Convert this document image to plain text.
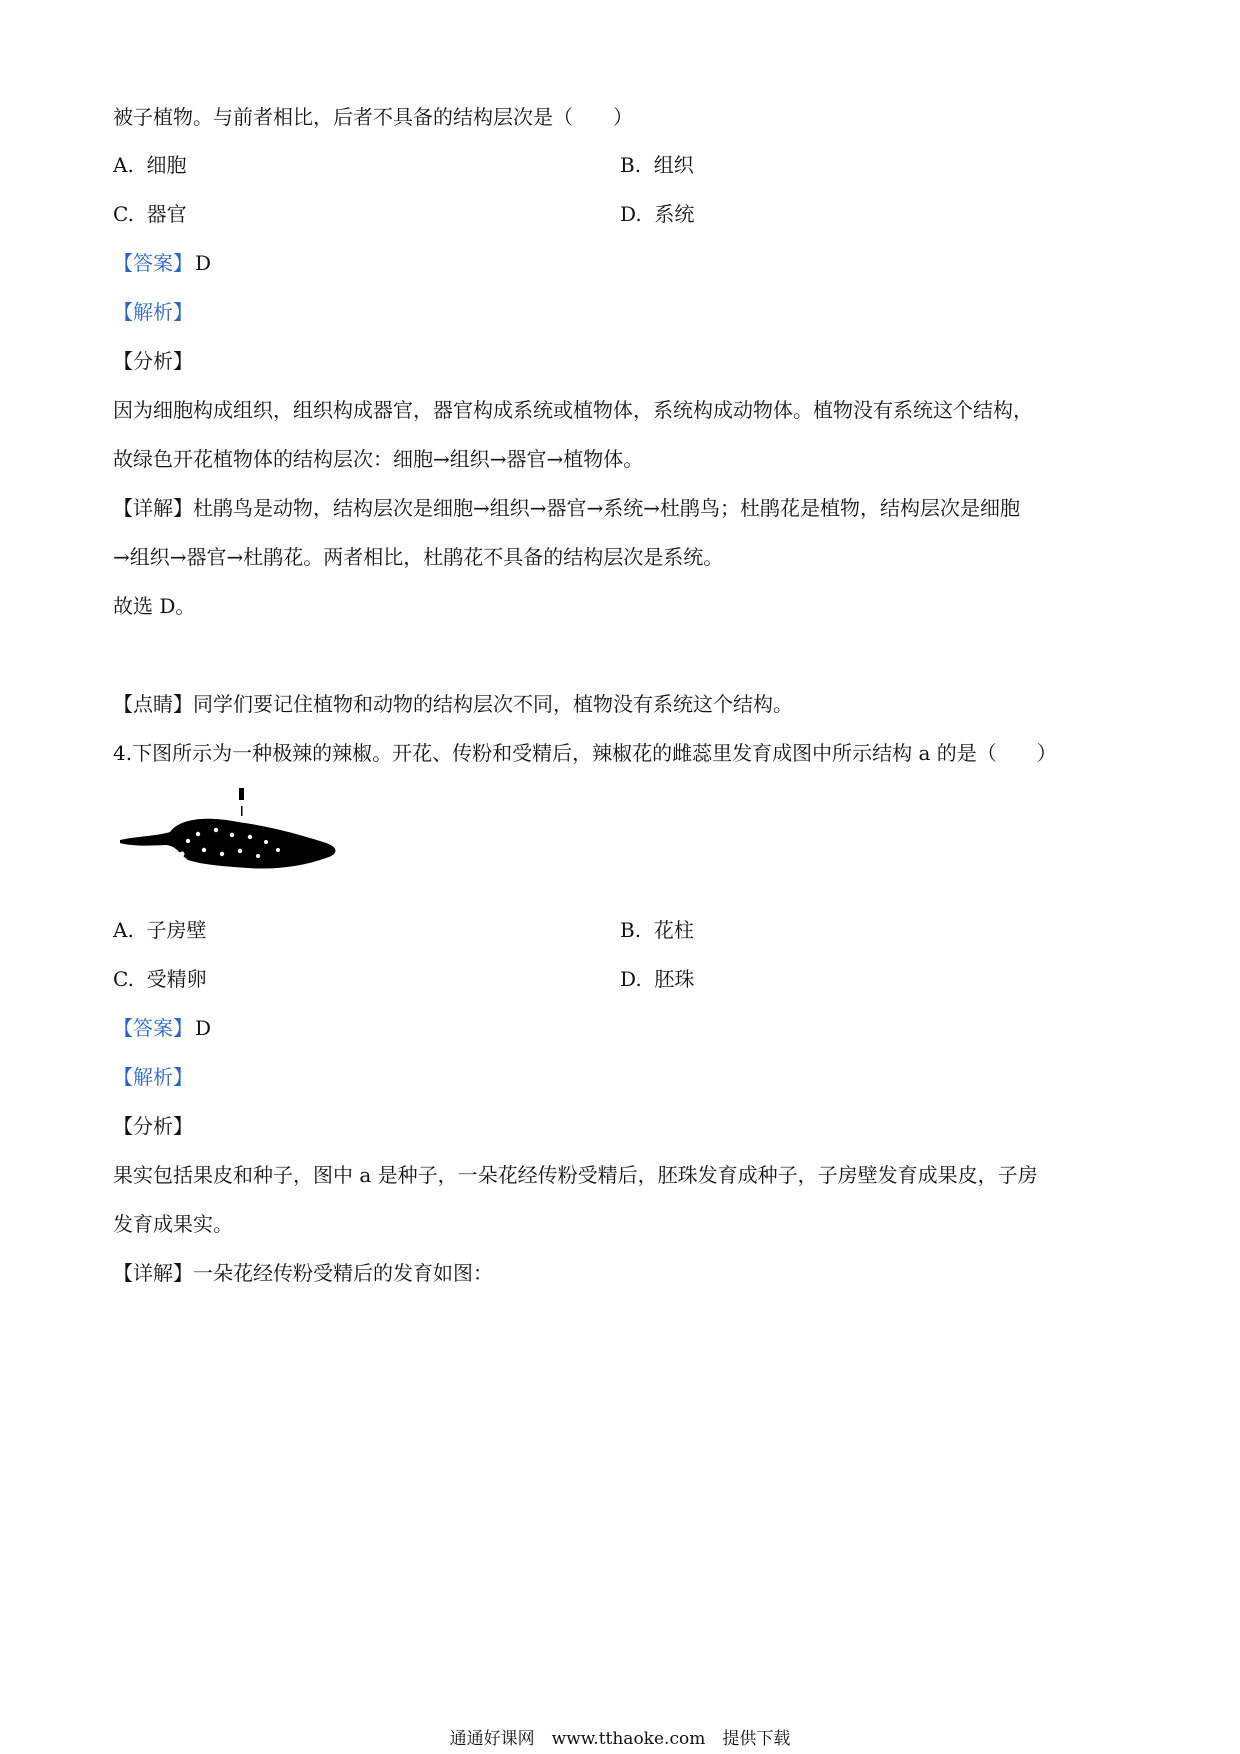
被子植物。与前者相比，后者不具备的结构层次是（　　）
A. 细胞	B. 组织
C. 器官	D. 系统
【答案】 D
【解析】
【分析】
因为细胞构成组织，组织构成器官，器官构成系统或植物体，系统构成动物体。植物没有系统这个结构，
故绿色开花植物体的结构层次：细胞→组织→器官→植物体。
【详解】杜鹃鸟是动物，结构层次是细胞→组织→器官→系统→杜鹃鸟；杜鹃花是植物，结构层次是细胞
→组织→器官→杜鹃花。两者相比，杜鹃花不具备的结构层次是系统。
故选 D。
【点睛】同学们要记住植物和动物的结构层次不同，植物没有系统这个结构。
4.下图所示为一种极辣的辣椒。开花、传粉和受精后，辣椒花的雌蕊里发育成图中所示结构 a 的是（　　）
A. 子房壁	B. 花柱
C. 受精卵	D. 胚珠
【答案】 D
【解析】
【分析】
果实包括果皮和种子，图中 a 是种子，一朵花经传粉受精后，胚珠发育成种子，子房壁发育成果皮，子房
发育成果实。
【详解】一朵花经传粉受精后的发育如图：
通通好课网　www.tthaoke.com　提供下载
